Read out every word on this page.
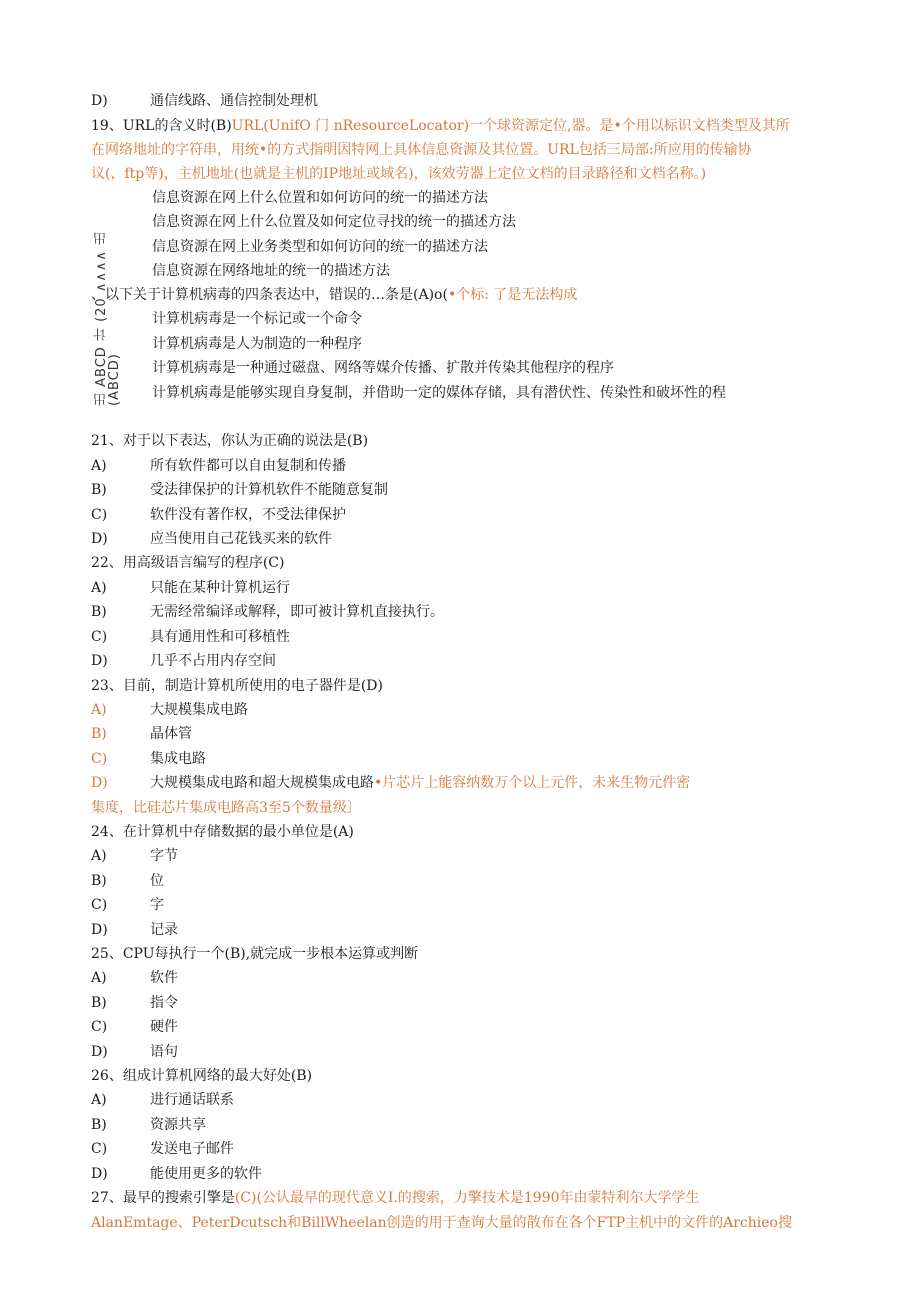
D)	通信线路、通信控制处理机
19、URL的含义时(B)URL(UnifO 门 nResourceLocator)一个球资源定位,器。是•个用以标识文档类型及其所
在网络地址的字符串，用统•的方式指明因特网上具体信息资源及其位置。URL包括三局部:所应用的传输协
议(，ftp等)，主机地址(也就是主机的IP地址或域名)，该效劳器上定位文档的目录路径和文档名称。)
信息资源在网上什么位置和如何访问的统一的描述方法
信息资源在网上什么位置及如何定位寻找的统一的描述方法
信息资源在网上业务类型和如何访问的统一的描述方法
信息资源在网络地址的统一的描述方法
、以下关于计算机病毒的四条表达中，错误的…条是(A)o(•个标: 了是无法构成
计算机病毒是一个标记或一个命令
计算机病毒是人为制造的一种程序
计算机病毒是一种通过磁盘、网络等媒介传播、扩散并传染其他程序的程序
计算机病毒是能够实现自身复制，并借助一定的媒体存储，具有潜伏性、传染性和破坏性的程
21、对于以下表达，你认为正确的说法是(B)
A)	所有软件都可以自由复制和传播
B)	受法律保护的计算机软件不能随意复制
C)	软件没有著作权，不受法律保护
D)	应当使用自己花钱买来的软件
22、用高级语言编写的程序(C)
A)	只能在某种计算机运行
B)	无需经常编译或解释，即可被计算机直接执行。
C)	具有通用性和可移植性
D)	几乎不占用内存空间
23、目前，制造计算机所使用的电子器件是(D)
A)	大规模集成电路
B)	晶体管
C)	集成电路
D)	大规模集成电路和超大规模集成电路•片芯片上能容纳数万个以上元件，未来生物元件密
集度，比硅芯片集成电路高3至5个数量级〕
24、在计算机中存储数据的最小单位是(A)
A)	字节
B)	位
C)	字
D)	记录
25、CPU每执行一个(B),就完成一步根本运算或判断
A)	软件
B)	指令
C)	硬件
D)	语句
26、组成计算机网络的最大好处(B)
A)	进行通话联系
B)	资源共享
C)	发送电子邮件
D)	能使用更多的软件
27、最早的搜索引擎是(C)(公认最早的现代意义I.的搜索，力擎技术是1990年由蒙特利尔大学学生
AlanEmtage、PeterDcutsch和BillWheelan创造的用于查询大量的散布在各个FTP主机中的文件的Archieo搜
出 ABCD 计 (20 ∧∧∧∧ 出(ABCD)
